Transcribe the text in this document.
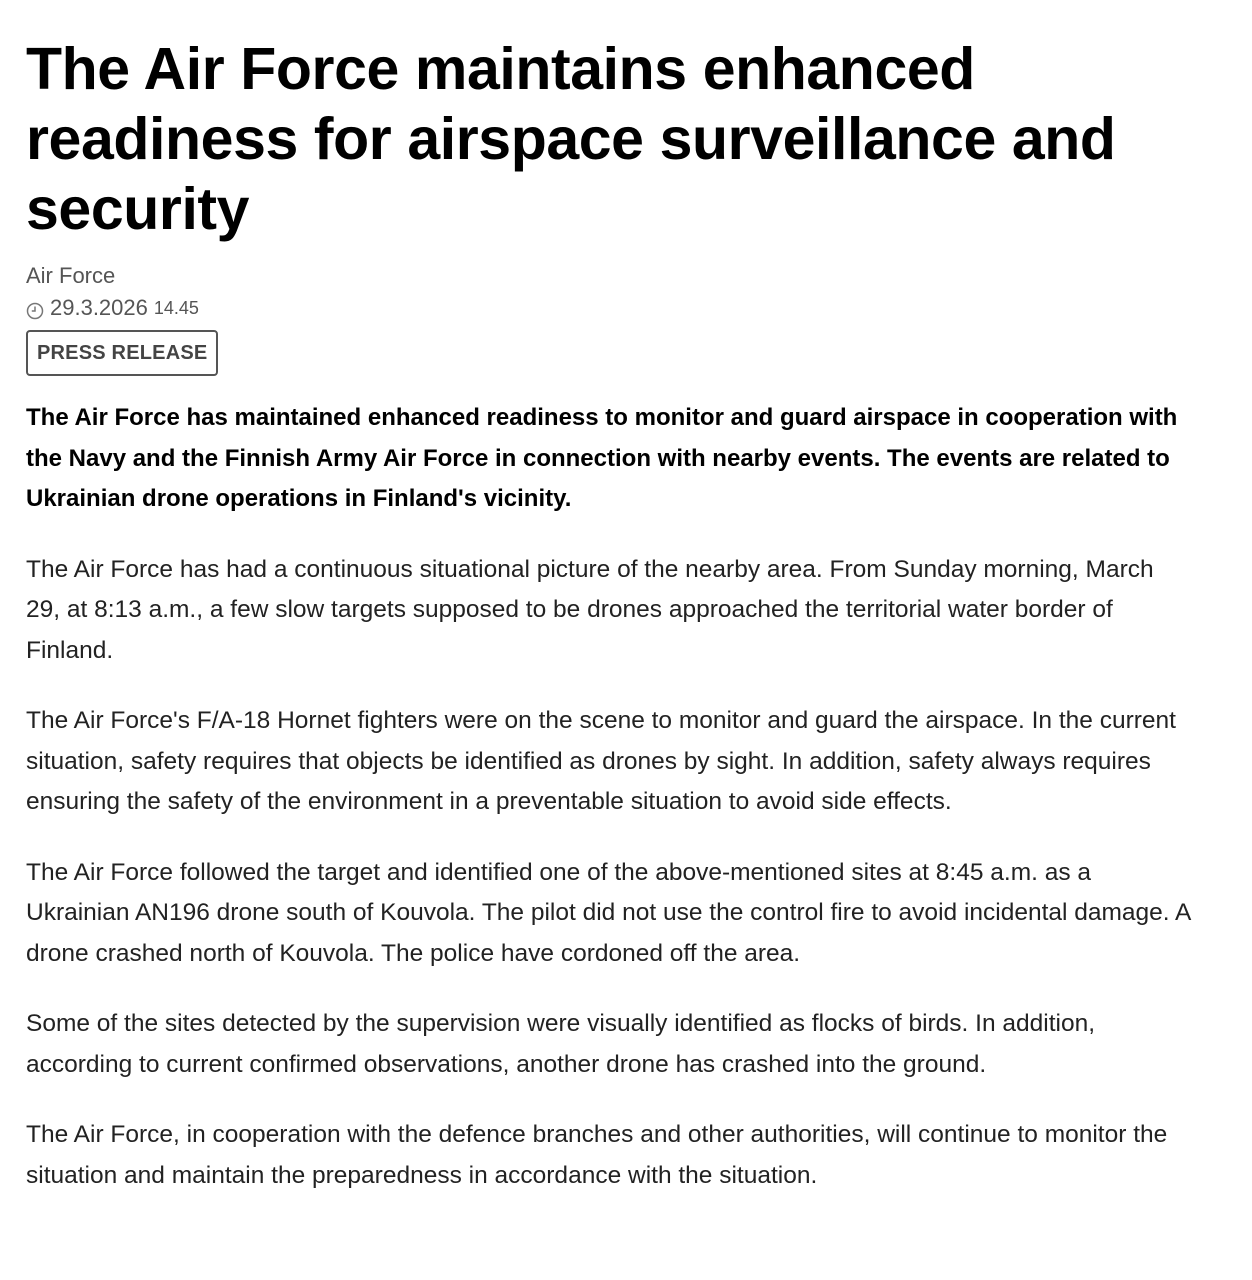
The Air Force maintains enhanced readiness for airspace surveillance and security
Air Force
29.3.2026 14.45
PRESS RELEASE

The Air Force has maintained enhanced readiness to monitor and guard airspace in cooperation with the Navy and the Finnish Army Air Force in connection with nearby events. The events are related to Ukrainian drone operations in Finland's vicinity.

The Air Force has had a continuous situational picture of the nearby area. From Sunday morning, March 29, at 8:13 a.m., a few slow targets supposed to be drones approached the territorial water border of Finland.

The Air Force's F/A-18 Hornet fighters were on the scene to monitor and guard the airspace. In the current situation, safety requires that objects be identified as drones by sight. In addition, safety always requires ensuring the safety of the environment in a preventable situation to avoid side effects.

The Air Force followed the target and identified one of the above-mentioned sites at 8:45 a.m. as a Ukrainian AN196 drone south of Kouvola. The pilot did not use the control fire to avoid incidental damage. A drone crashed north of Kouvola. The police have cordoned off the area.

Some of the sites detected by the supervision were visually identified as flocks of birds. In addition, according to current confirmed observations, another drone has crashed into the ground.

The Air Force, in cooperation with the defence branches and other authorities, will continue to monitor the situation and maintain the preparedness in accordance with the situation.
